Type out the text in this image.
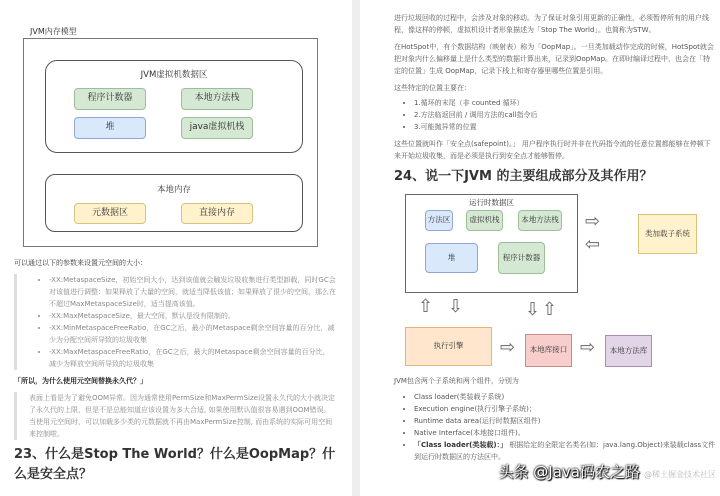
JVM内存模型
JVM虚拟机数据区
程序计数器	本地方法栈
堆	java虚拟机栈
本地内存
元数据区	直接内存

可以通过以下的参数来设置元空间的大小：

• -XX:MetaspaceSize，初始空间大小，达到该值就会触发垃圾收集进行类型卸载，同时GC会对该值进行调整：如果释放了大量的空间，就适当降低该值；如果释放了很少的空间，那么在不超过MaxMetaspaceSize时，适当提高该值。
• -XX:MaxMetaspaceSize，最大空间，默认是没有限制的。
• -XX:MinMetaspaceFreeRatio，在GC之后，最小的Metaspace剩余空间容量的百分比，减少为分配空间所导致的垃圾收集
• -XX:MaxMetaspaceFreeRatio，在GC之后，最大的Metaspace剩余空间容量的百分比，减少为释放空间所导致的垃圾收集

「所以，为什么使用元空间替换永久代？」

表面上看是为了避免OOM异常。因为通常使用PermSize和MaxPermSize设置永久代的大小就决定了永久代的上限，但是不是总能知道应该设置为多大合适, 如果使用默认值很容易遇到OOM错误。当使用元空间时，可以加载多少类的元数据就不再由MaxPermSize控制, 而由系统的实际可用空间来控制啦。
23、什么是Stop The World？什么是OopMap？什么是安全点？

进行垃圾回收的过程中，会涉及对象的移动。为了保证对象引用更新的正确性，必须暂停所有的用户线程，像这样的停顿，虚拟机设计者形象描述为「Stop The World」。也简称为STW。

在HotSpot中，有个数据结构（映射表）称为「OopMap」。一旦类加载动作完成的时候，HotSpot就会把对象内什么偏移量上是什么类型的数据计算出来，记录到OopMap。在即时编译过程中，也会在「特定的位置」生成 OopMap，记录下栈上和寄存器里哪些位置是引用。

这些特定的位置主要在：

• 1.循环的末尾（非 counted 循环）
• 2.方法临返回前 / 调用方法的call指令后
• 3.可能抛异常的位置

这些位置就叫作「安全点(safepoint)。」 用户程序执行时并非在代码指令流的任意位置都能够在停顿下来开始垃圾收集，而是必须是执行到安全点才能够暂停。

24、说一下JVM 的主要组成部分及其作用？
运行时数据区
方法区	虚拟机栈	本地方法栈
堆	程序计数器
类加载子系统
执行引擎	本地库接口	本地方法库
⇨
⇦
⇧ ⇩	⇩ ⇧
⇨	⇨

JVM包含两个子系统和两个组件，分别为

• Class loader(类装载子系统)
• Execution engine(执行引擎子系统)；
• Runtime data area(运行时数据区组件)
• Native Interface(本地接口组件)。
• 「Class loader(类装载)：」 根据给定的全限定名类名(如：java.lang.Object)来装载class文件到运行时数据区的方法区中。
头条 @Java码农之路 @稀土掘金技术社区
